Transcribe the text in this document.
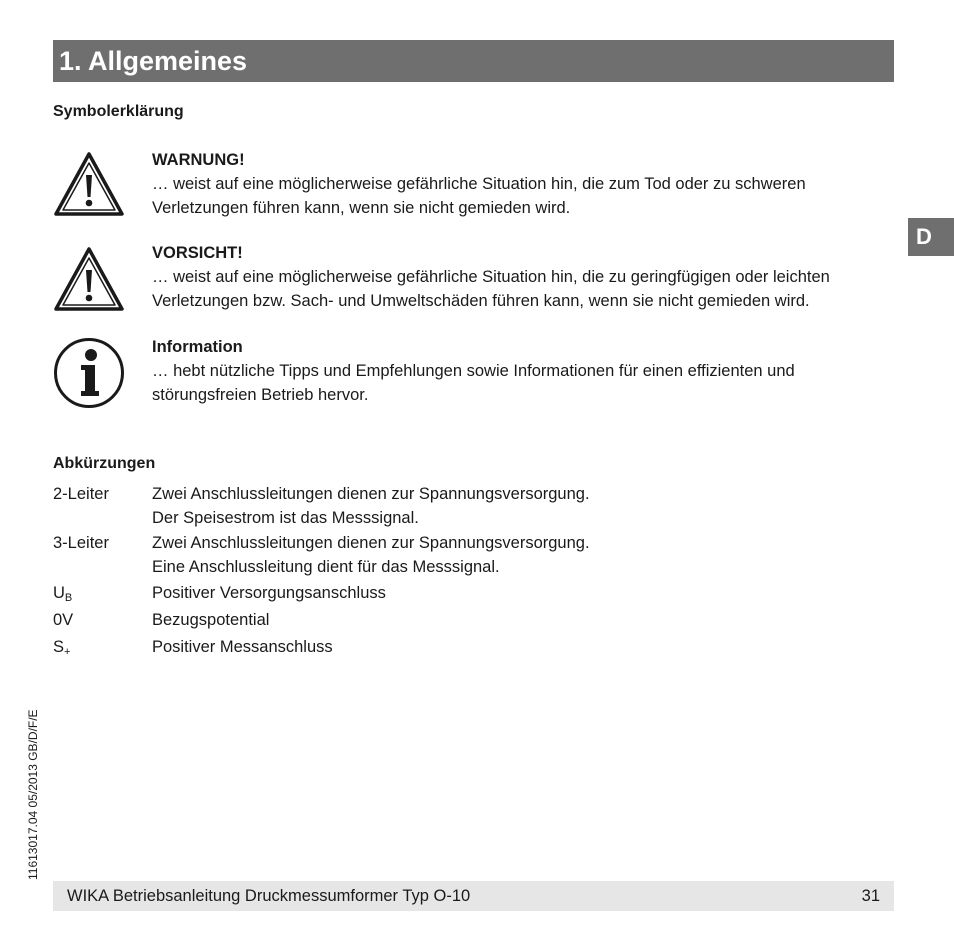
1. Allgemeines
D
Symbolerklärung
WARNUNG!
… weist auf eine möglicherweise gefährliche Situation hin, die zum Tod oder zu schweren
Verletzungen führen kann, wenn sie nicht gemieden wird.
VORSICHT!
… weist auf eine möglicherweise gefährliche Situation hin, die zu geringfügigen oder leichten
Verletzungen bzw. Sach- und Umweltschäden führen kann, wenn sie nicht gemieden wird.
Information
… hebt nützliche Tipps und Empfehlungen sowie Informationen für einen effizienten und
störungsfreien Betrieb hervor.
Abkürzungen
2-Leiter	Zwei Anschlussleitungen dienen zur Spannungsversorgung.
Der Speisestrom ist das Messsignal.
3-Leiter	Zwei Anschlussleitungen dienen zur Spannungsversorgung.
Eine Anschlussleitung dient für das Messsignal.
$U_B$	Positiver Versorgungsanschluss
0V	Bezugspotential
$S_+$	Positiver Messanschluss
11613017.04 05/2013 GB/D/F/E
WIKA Betriebsanleitung Druckmessumformer Typ O-10	31
